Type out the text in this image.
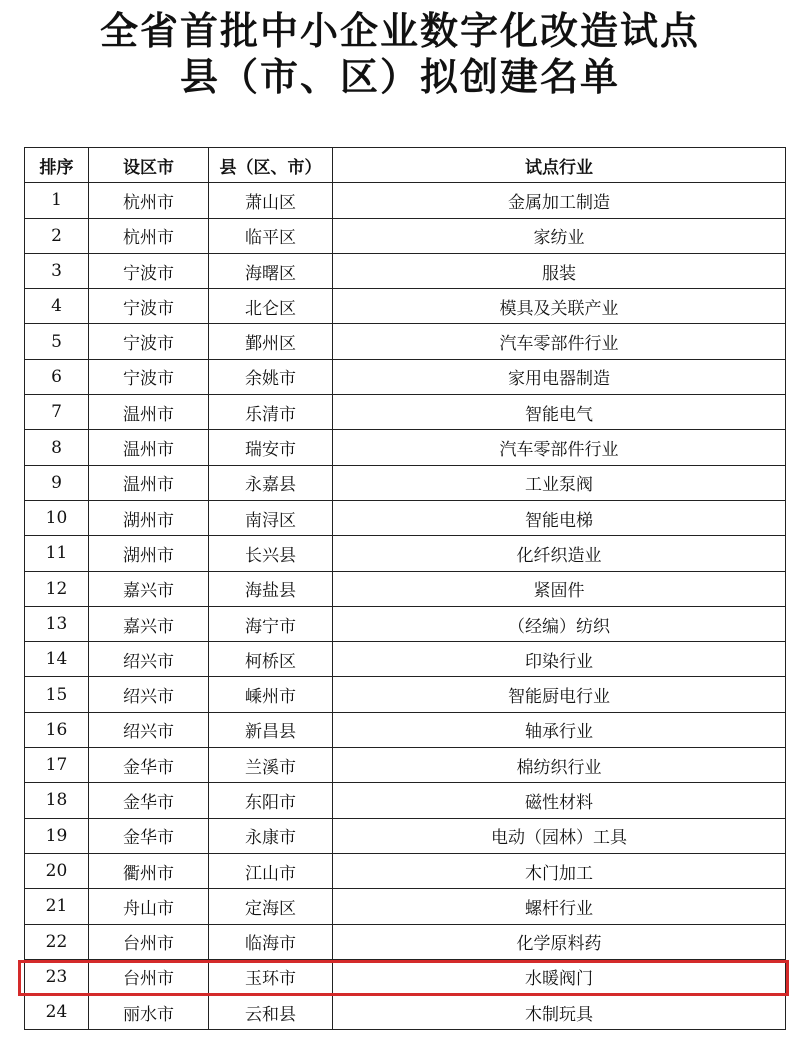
全省首批中小企业数字化改造试点
县（市、区）拟创建名单
排序	设区市	县（区、市）	试点行业
1	杭州市	萧山区	金属加工制造
2	杭州市	临平区	家纺业
3	宁波市	海曙区	服装
4	宁波市	北仑区	模具及关联产业
5	宁波市	鄞州区	汽车零部件行业
6	宁波市	余姚市	家用电器制造
7	温州市	乐清市	智能电气
8	温州市	瑞安市	汽车零部件行业
9	温州市	永嘉县	工业泵阀
10	湖州市	南浔区	智能电梯
11	湖州市	长兴县	化纤织造业
12	嘉兴市	海盐县	紧固件
13	嘉兴市	海宁市	（经编）纺织
14	绍兴市	柯桥区	印染行业
15	绍兴市	嵊州市	智能厨电行业
16	绍兴市	新昌县	轴承行业
17	金华市	兰溪市	棉纺织行业
18	金华市	东阳市	磁性材料
19	金华市	永康市	电动（园林）工具
20	衢州市	江山市	木门加工
21	舟山市	定海区	螺杆行业
22	台州市	临海市	化学原料药
23	台州市	玉环市	水暖阀门
24	丽水市	云和县	木制玩具
